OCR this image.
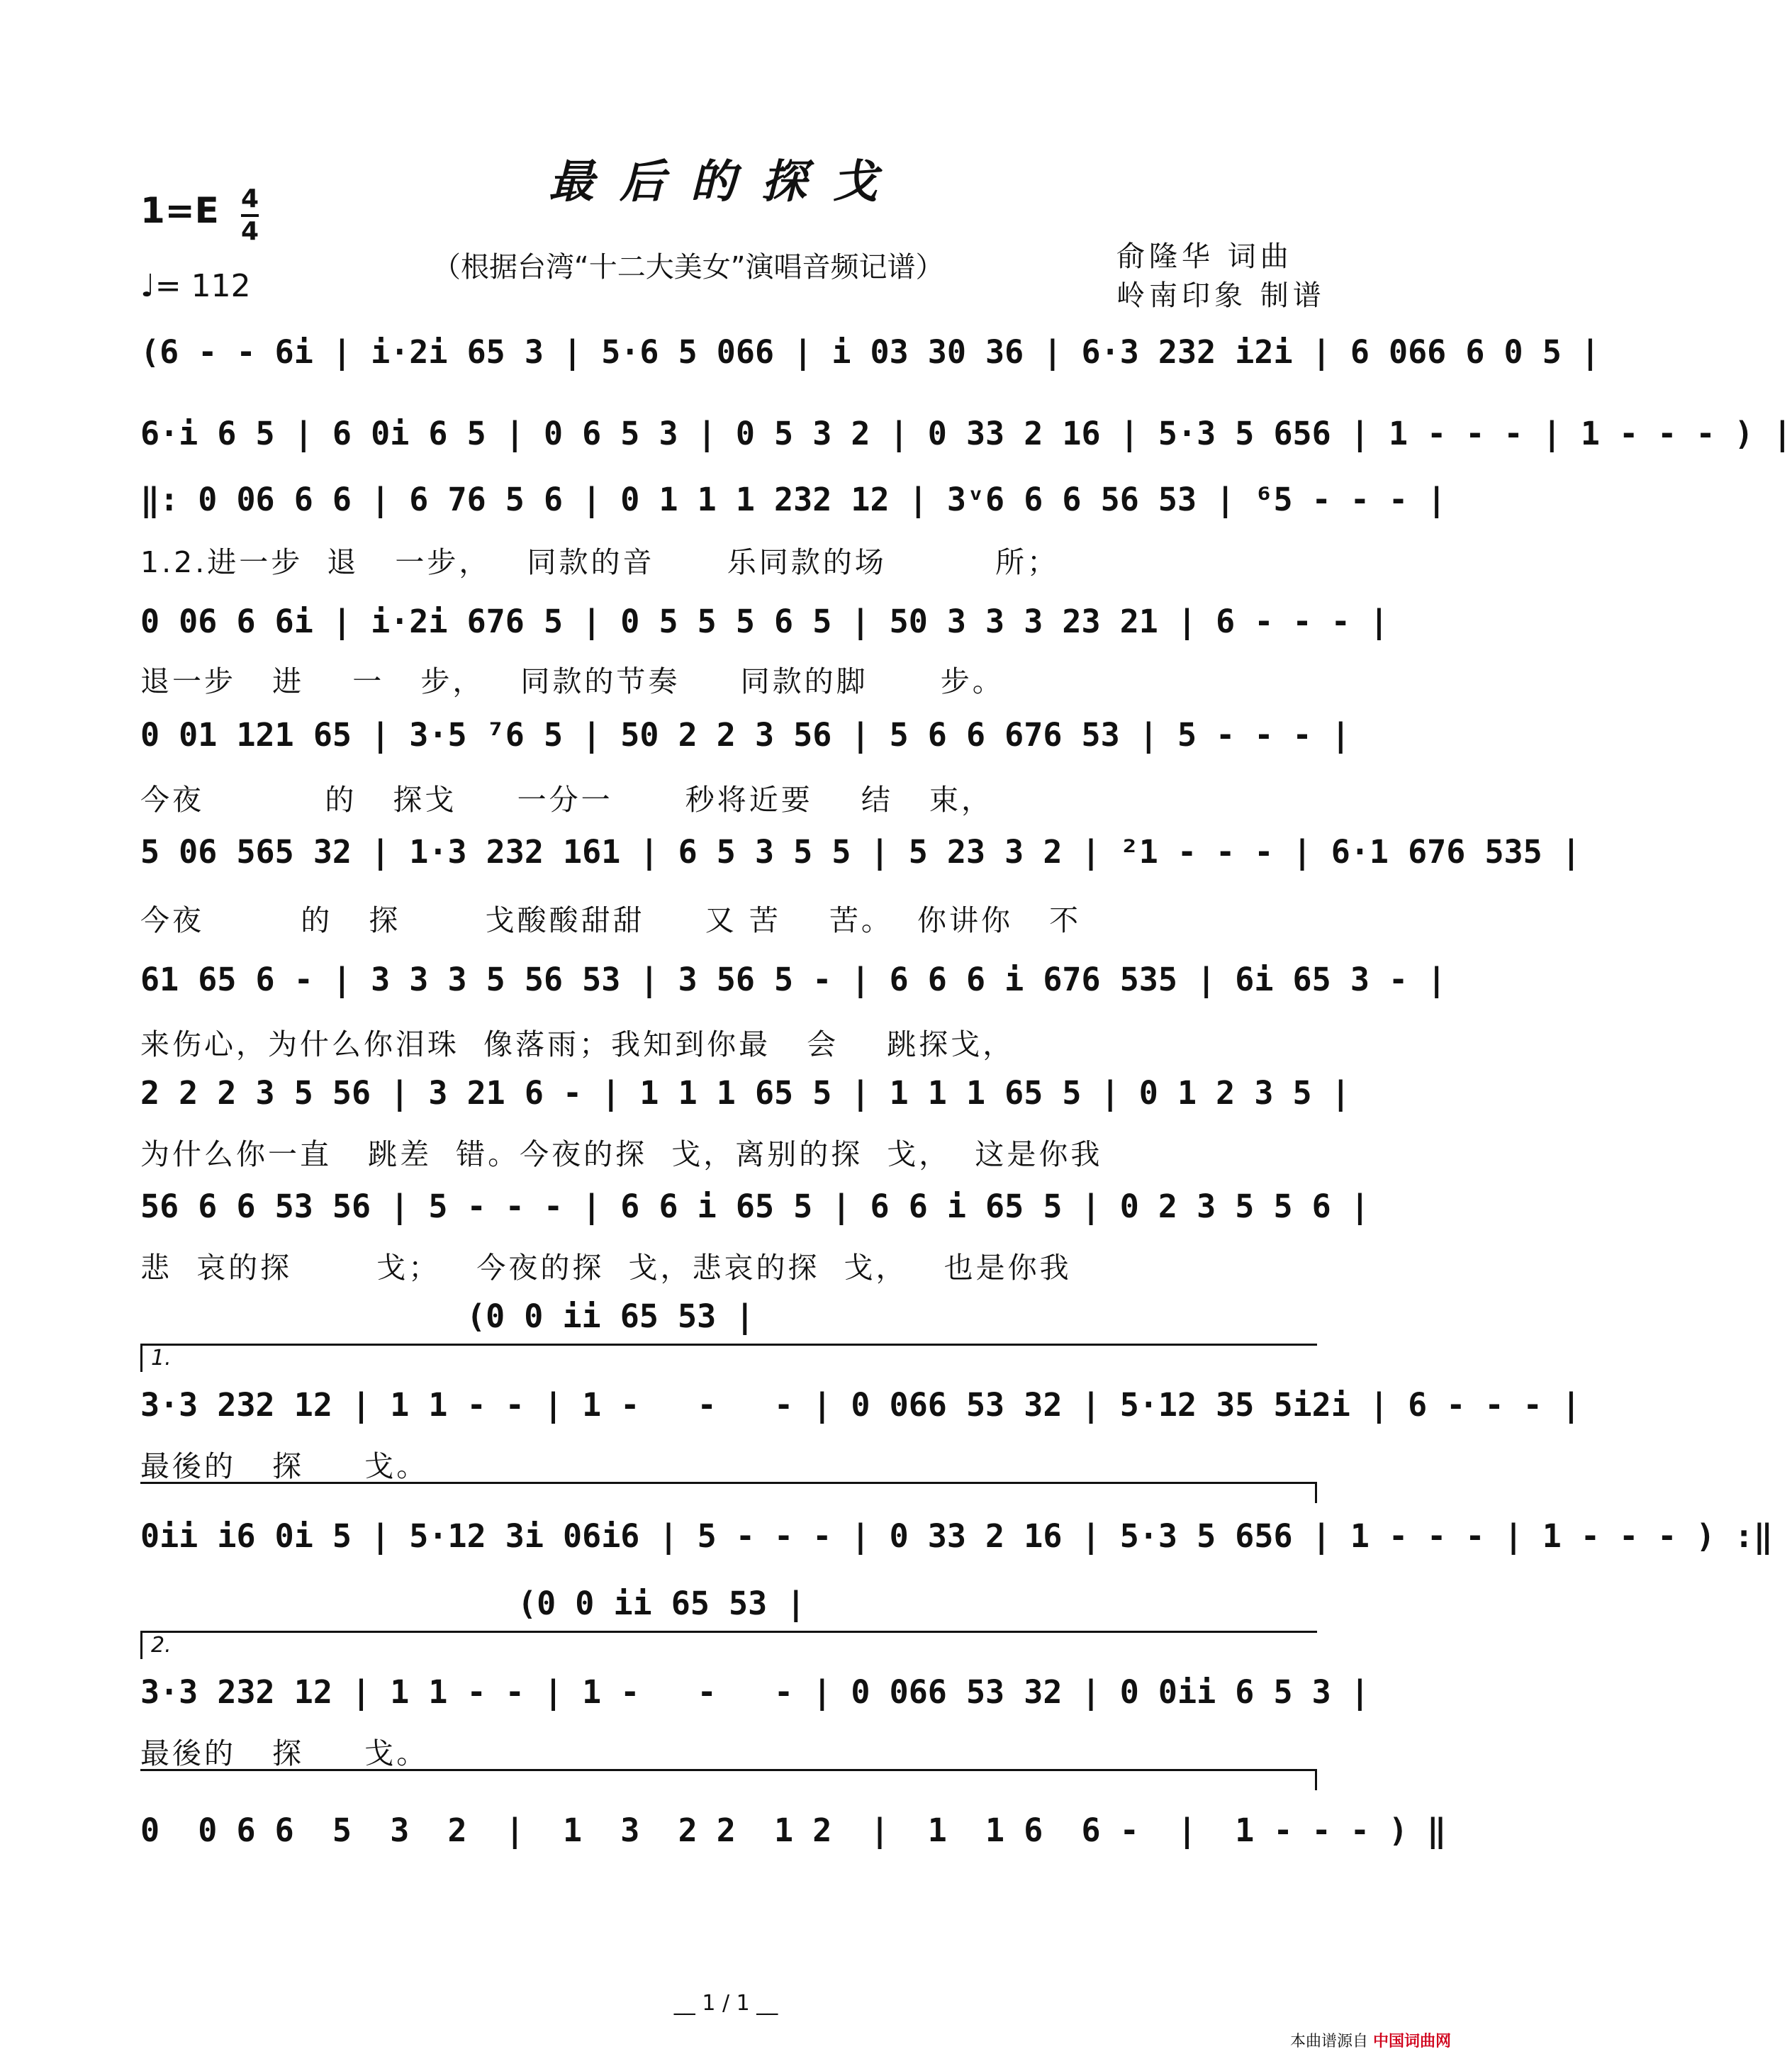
最后的探戈
1=E 4
4
♩= 112
（根据台湾“十二大美女”演唱音频记谱）	俞隆华 词曲
岭南印象 制谱
(6 - - 6i | i·2i 65 3 | 5·6 5 066 | i 03 30 36 | 6·3 232 i2i | 6 066 6 0 5 |
6·i 6 5 | 6 0i 6 5 | 0 6 5 3 | 0 5 3 2 | 0 33 2 16 | 5·3 5 656 | 1 - - - | 1 - - - ) |
‖: 0 06 6 6 | 6 76 5 6 | 0 1 1 1 232 12 | 3ᵛ6 6 6 56 53 | ⁶5 - - - |
1.2.进一步  退   一步，   同款的音      乐同款的场         所；
0 06 6 6i | i·2i 676 5 | 0 5 5 5 6 5 | 50 3 3 3 23 21 | 6 - - - |
退一步   进    一   步，   同款的节奏     同款的脚      步。
0 01 121 65 | 3·5 ⁷6 5 | 50 2 2 3 56 | 5 6 6 676 53 | 5 - - - |
今夜          的   探戈     一分一      秒将近要    结   束，
5 06 565 32 | 1·3 232 161 | 6 5 3 5 5 | 5 23 3 2 | ²1 - - - | 6·1 676 535 |
今夜        的   探       戈酸酸甜甜     又 苦    苦。  你讲你   不
61 65 6 - | 3 3 3 5 56 53 | 3 56 5 - | 6 6 6 i 676 535 | 6i 65 3 - |
来伤心，为什么你泪珠  像落雨；我知到你最   会    跳探戈，
2 2 2 3 5 56 | 3 21 6 - | 1 1 1 65 5 | 1 1 1 65 5 | 0 1 2 3 5 |
为什么你一直   跳差  错。今夜的探  戈，离别的探  戈，  这是你我
56 6 6 53 56 | 5 - - - | 6 6 i 65 5 | 6 6 i 65 5 | 0 2 3 5 5 6 |
悲  哀的探       戈；   今夜的探  戈，悲哀的探  戈，   也是你我
(0 0 ii 65 53 |
1.
3·3 232 12 | 1 1 - - | 1 -   -   - | 0 066 53 32 | 5·12 35 5i2i | 6 - - - |
最後的   探     戈。
0ii i6 0i 5 | 5·12 3i 06i6 | 5 - - - | 0 33 2 16 | 5·3 5 656 | 1 - - - | 1 - - - ) :‖
(0 0 ii 65 53 |
2.
3·3 232 12 | 1 1 - - | 1 -   -   - | 0 066 53 32 | 0 0ii 6 5 3 |
最後的   探     戈。
0  0 6 6  5  3  2  |  1  3  2 2  1 2  |  1  1 6  6 -  |  1 - - - ) ‖
__ 1 / 1 __
本曲谱源自 中国词曲网
